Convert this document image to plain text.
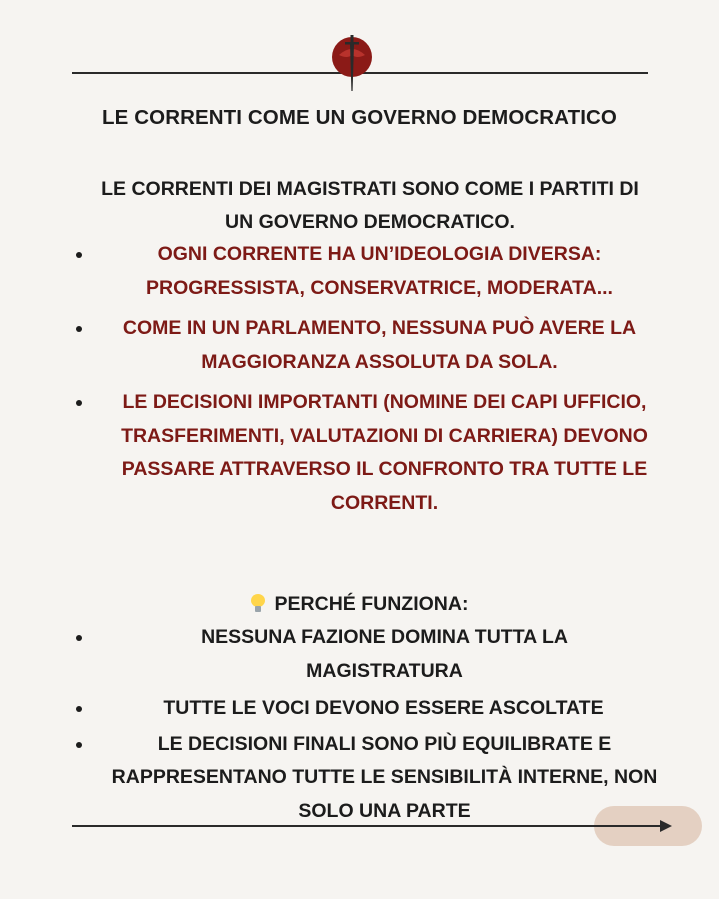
LE CORRENTI COME UN GOVERNO DEMOCRATICO
LE CORRENTI DEI MAGISTRATI SONO COME I PARTITI DI UN GOVERNO DEMOCRATICO.
OGNI CORRENTE HA UN’IDEOLOGIA DIVERSA: PROGRESSISTA, CONSERVATRICE, MODERATA...
COME IN UN PARLAMENTO, NESSUNA PUÒ AVERE LA MAGGIORANZA ASSOLUTA DA SOLA.
LE DECISIONI IMPORTANTI (NOMINE DEI CAPI UFFICIO, TRASFERIMENTI, VALUTAZIONI DI CARRIERA) DEVONO PASSARE ATTRAVERSO IL CONFRONTO TRA TUTTE LE CORRENTI.
PERCHÉ FUNZIONA:
NESSUNA FAZIONE DOMINA TUTTA LA MAGISTRATURA
TUTTE LE VOCI DEVONO ESSERE ASCOLTATE
LE DECISIONI FINALI SONO PIÙ EQUILIBRATE E RAPPRESENTANO TUTTE LE SENSIBILITÀ INTERNE, NON SOLO UNA PARTE
